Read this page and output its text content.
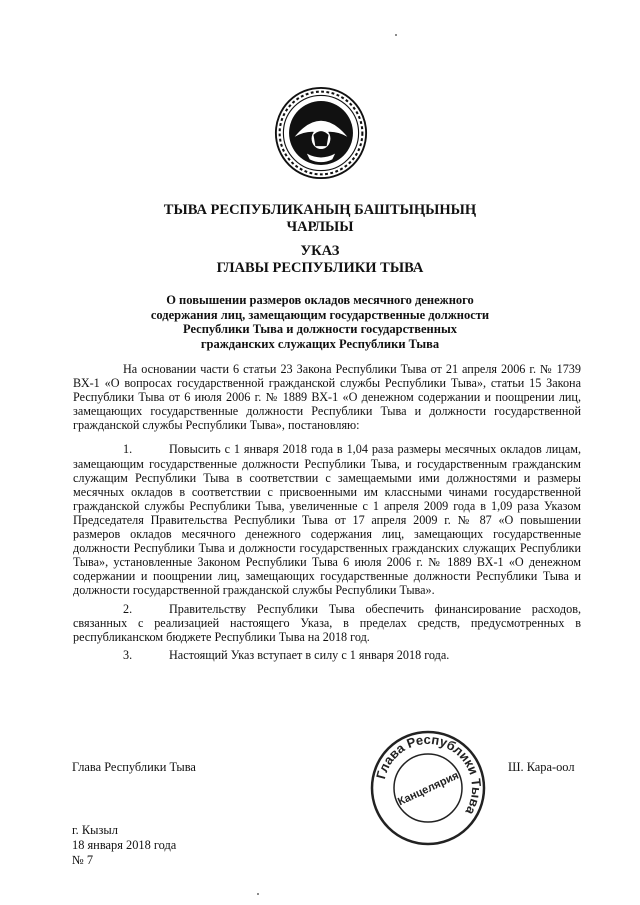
ТЫВА РЕСПУБЛИКАНЫҢ БАШТЫҢЫНЫҢ
ЧАРЛЫЫ
УКАЗ
ГЛАВЫ РЕСПУБЛИКИ ТЫВА
О повышении размеров окладов месячного денежного
содержания лиц, замещающим государственные должности
Республики Тыва и должности государственных
гражданских служащих Республики Тыва

На основании части 6 статьи 23 Закона Республики Тыва от 21 апреля 2006 г. № 1739 ВХ-1 «О вопросах государственной гражданской службы Республики Тыва», статьи 15 Закона Республики Тыва от 6 июля 2006 г. № 1889 ВХ-1 «О денежном содержании и поощрении лиц, замещающих государственные должности Республики Тыва и должности государственной гражданской службы Республики Тыва», постановляю:

1.	Повысить с 1 января 2018 года в 1,04 раза размеры месячных окладов лицам, замещающим государственные должности Республики Тыва, и государственным гражданским служащим Республики Тыва в соответствии с замещаемыми ими должностями и размеры месячных окладов в соответствии с присвоенными им классными чинами государственной гражданской службы Республики Тыва, увеличенные с 1 апреля 2009 года в 1,09 раза Указом Председателя Правительства Республики Тыва от 17 апреля 2009 г. № 87 «О повышении размеров окладов месячного денежного содержания лиц, замещающих государственные должности Республики Тыва и должности государственных гражданских служащих Республики Тыва», установленные Законом Республики Тыва 6 июля 2006 г. № 1889 ВХ-1 «О денежном содержании и поощрении лиц, замещающих государственные должности Республики Тыва и должности государственной гражданской службы Республики Тыва».

2.	Правительству Республики Тыва обеспечить финансирование расходов, связанных с реализацией настоящего Указа, в пределах средств, предусмотренных в республиканском бюджете Республики Тыва на 2018 год.

3.	Настоящий Указ вступает в силу с 1 января 2018 года.

Глава Республики Тыва	Ш. Кара-оол
Глава Республики Тыва
Канцелярия
г. Кызыл
18 января 2018 года
№ 7
